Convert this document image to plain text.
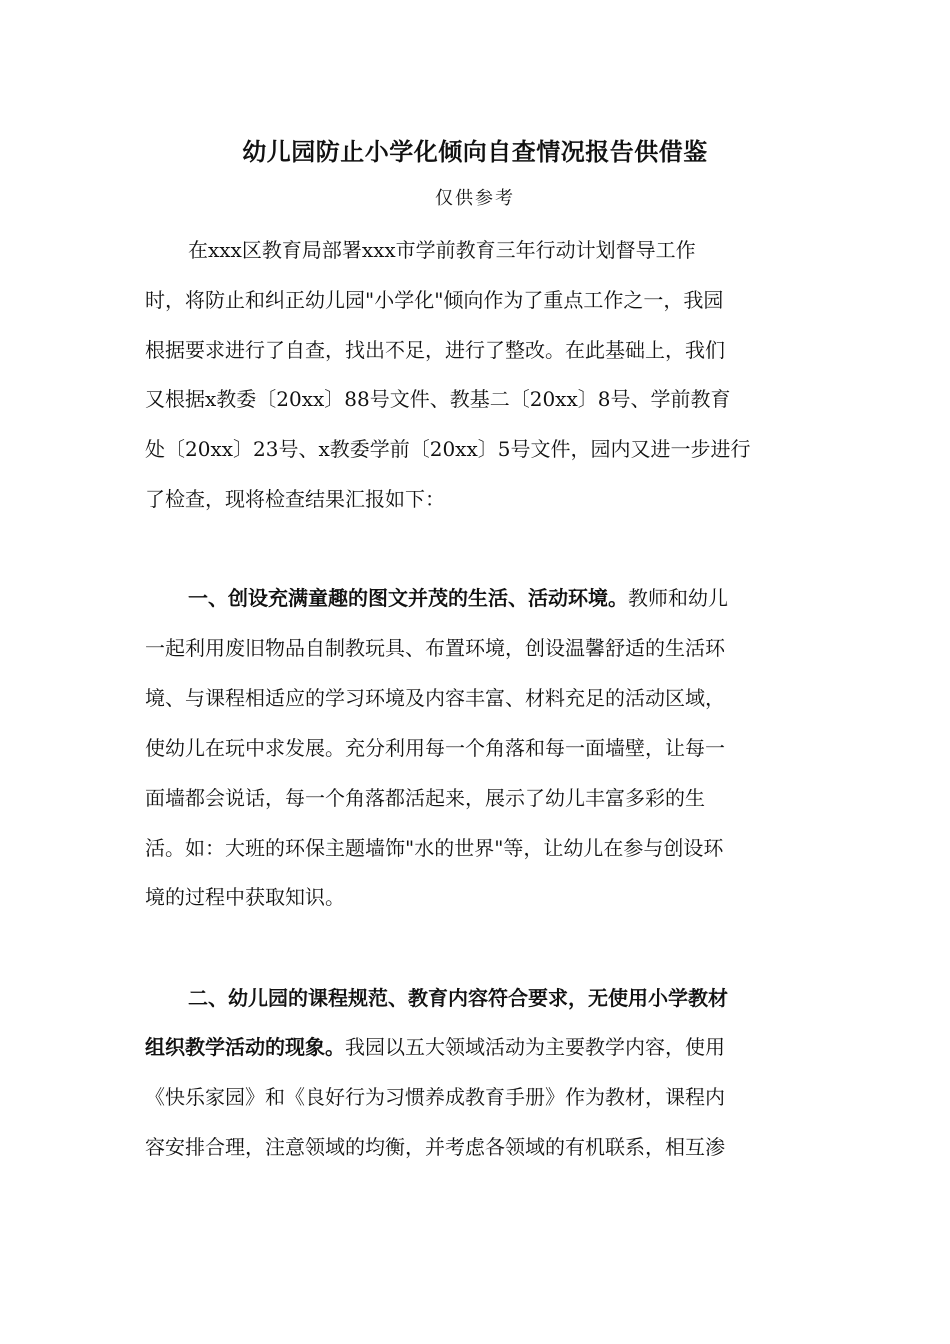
幼儿园防止小学化倾向自查情况报告供借鉴
仅供参考
在xxx区教育局部署xxx市学前教育三年行动计划督导工作
时，将防止和纠正幼儿园"小学化"倾向作为了重点工作之一，我园
根据要求进行了自查，找出不足，进行了整改。在此基础上，我们
又根据x教委〔20xx〕88号文件、教基二〔20xx〕8号、学前教育
处〔20xx〕23号、x教委学前〔20xx〕5号文件，园内又进一步进行
了检查，现将检查结果汇报如下：
一、创设充满童趣的图文并茂的生活、活动环境。教师和幼儿
一起利用废旧物品自制教玩具、布置环境，创设温馨舒适的生活环
境、与课程相适应的学习环境及内容丰富、材料充足的活动区域，
使幼儿在玩中求发展。充分利用每一个角落和每一面墙壁，让每一
面墙都会说话，每一个角落都活起来，展示了幼儿丰富多彩的生
活。如：大班的环保主题墙饰"水的世界"等，让幼儿在参与创设环
境的过程中获取知识。
二、幼儿园的课程规范、教育内容符合要求，无使用小学教材
组织教学活动的现象。我园以五大领域活动为主要教学内容，使用
《快乐家园》和《良好行为习惯养成教育手册》作为教材，课程内
容安排合理，注意领域的均衡，并考虑各领域的有机联系，相互渗
